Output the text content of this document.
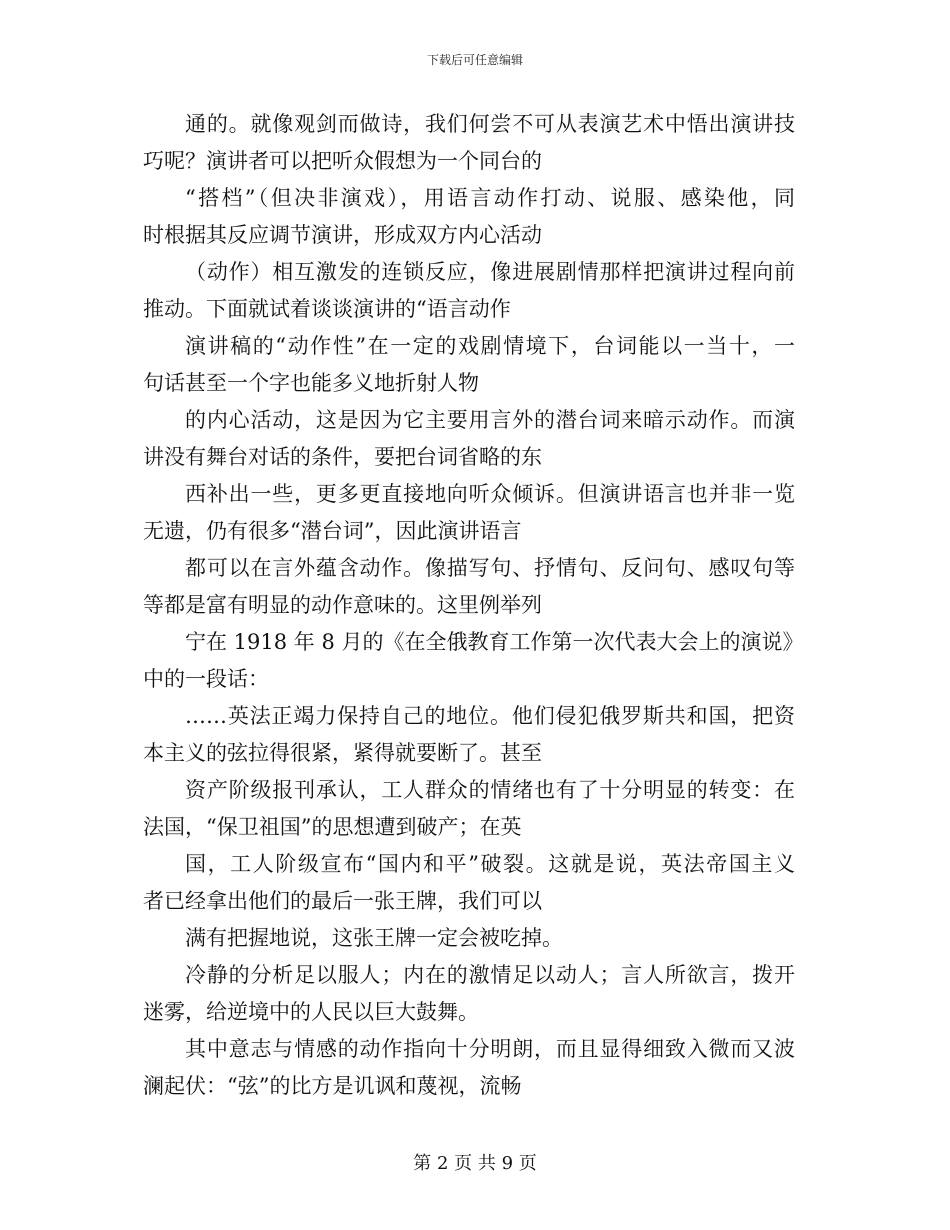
下载后可任意编辑
通的。就像观剑而做诗，我们何尝不可从表演艺术中悟出演讲技
巧呢？演讲者可以把听众假想为一个同台的
“搭档”（但决非演戏），用语言动作打动、说服、感染他，同
时根据其反应调节演讲，形成双方内心活动
（动作）相互激发的连锁反应，像进展剧情那样把演讲过程向前
推动。下面就试着谈谈演讲的“语言动作
演讲稿的“动作性”在一定的戏剧情境下，台词能以一当十，一
句话甚至一个字也能多义地折射人物
的内心活动，这是因为它主要用言外的潜台词来暗示动作。而演
讲没有舞台对话的条件，要把台词省略的东
西补出一些，更多更直接地向听众倾诉。但演讲语言也并非一览
无遗，仍有很多“潜台词”，因此演讲语言
都可以在言外蕴含动作。像描写句、抒情句、反问句、感叹句等
等都是富有明显的动作意味的。这里例举列
宁在 1918 年 8 月的《在全俄教育工作第一次代表大会上的演说》
中的一段话：
……英法正竭力保持自己的地位。他们侵犯俄罗斯共和国，把资
本主义的弦拉得很紧，紧得就要断了。甚至
资产阶级报刊承认，工人群众的情绪也有了十分明显的转变：在
法国，“保卫祖国”的思想遭到破产；在英
国，工人阶级宣布“国内和平”破裂。这就是说，英法帝国主义
者已经拿出他们的最后一张王牌，我们可以
满有把握地说，这张王牌一定会被吃掉。
冷静的分析足以服人；内在的激情足以动人；言人所欲言，拨开
迷雾，给逆境中的人民以巨大鼓舞。
其中意志与情感的动作指向十分明朗，而且显得细致入微而又波
澜起伏：“弦”的比方是讥讽和蔑视，流畅
第 2 页 共 9 页
